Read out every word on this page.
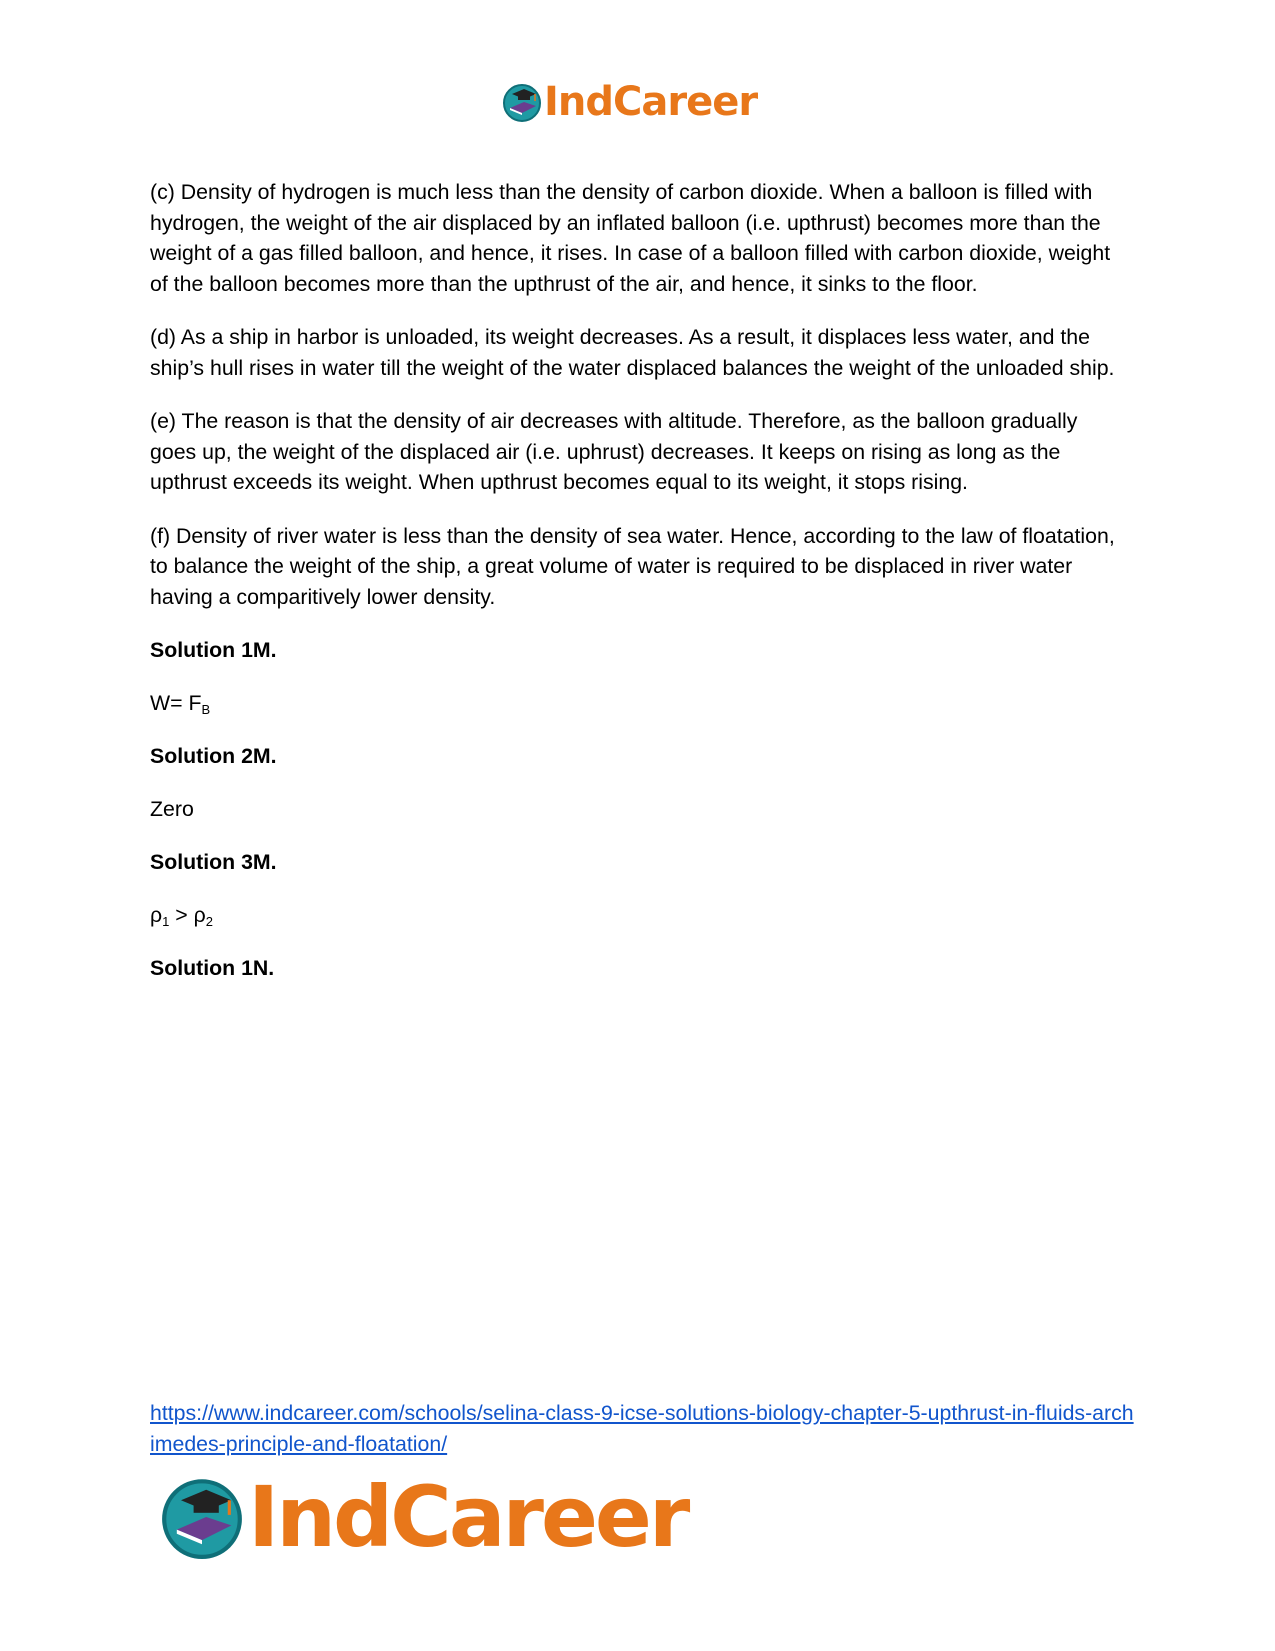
IndCareer

(c) Density of hydrogen is much less than the density of carbon dioxide. When a balloon is filled with hydrogen, the weight of the air displaced by an inflated balloon (i.e. upthrust) becomes more than the weight of a gas filled balloon, and hence, it rises. In case of a balloon filled with carbon dioxide, weight of the balloon becomes more than the upthrust of the air, and hence, it sinks to the floor.

(d) As a ship in harbor is unloaded, its weight decreases. As a result, it displaces less water, and the ship’s hull rises in water till the weight of the water displaced balances the weight of the unloaded ship.

(e) The reason is that the density of air decreases with altitude. Therefore, as the balloon gradually goes up, the weight of the displaced air (i.e. uphrust) decreases. It keeps on rising as long as the upthrust exceeds its weight. When upthrust becomes equal to its weight, it stops rising.

(f) Density of river water is less than the density of sea water. Hence, according to the law of floatation, to balance the weight of the ship, a great volume of water is required to be displaced in river water having a comparitively lower density.

Solution 1M.

$W= F_B$

Solution 2M.

Zero

Solution 3M.

$\rho_1 > \rho_2$

Solution 1N.

https://www.indcareer.com/schools/selina-class-9-icse-solutions-biology-chapter-5-upthrust-in-fluids-archimedes-principle-and-floatation/
IndCareer
